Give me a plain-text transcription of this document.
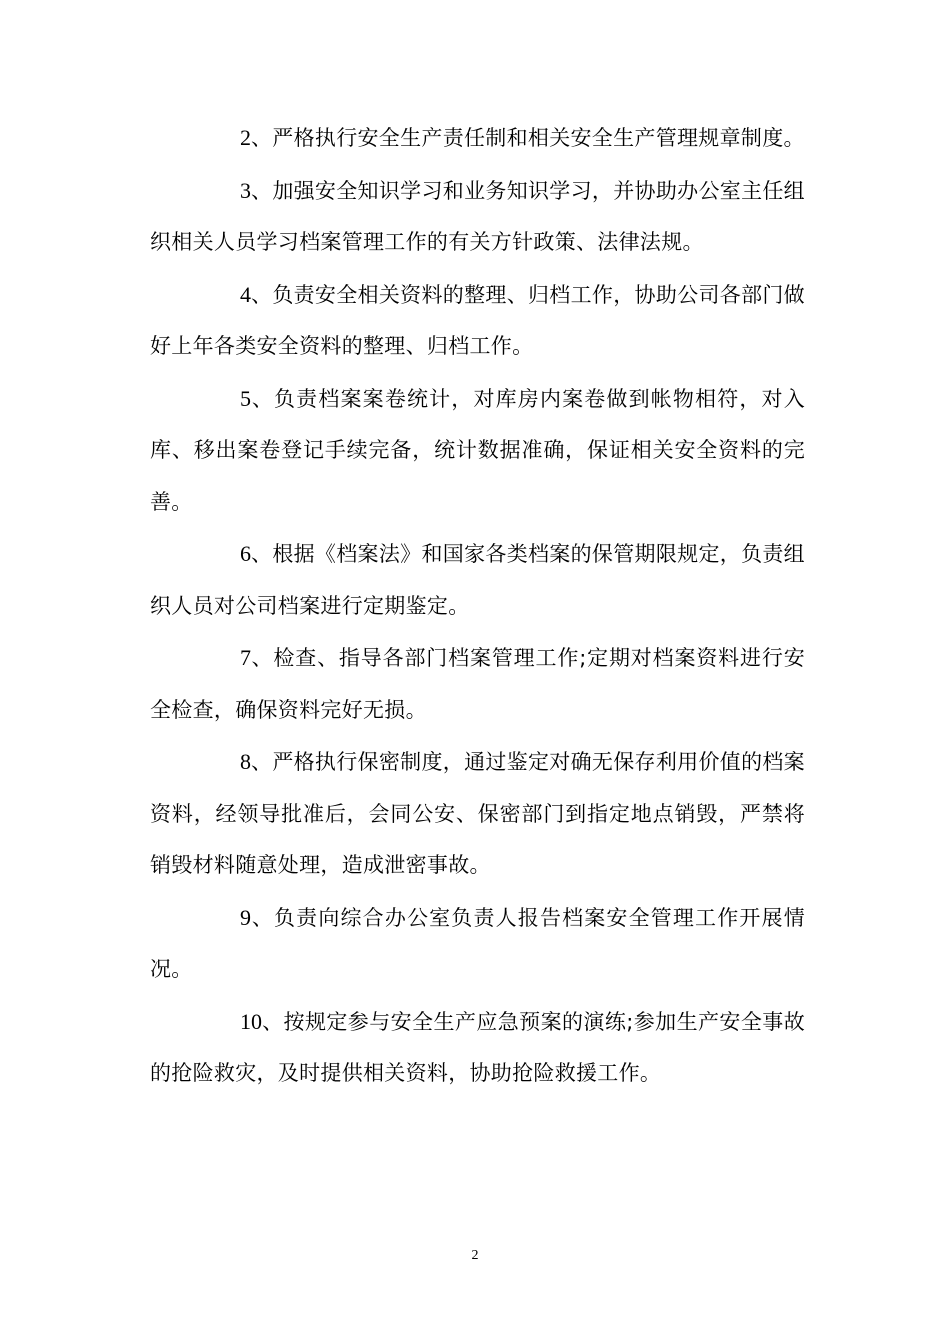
2、严格执行安全生产责任制和相关安全生产管理规章制度。

3、加强安全知识学习和业务知识学习，并协助办公室主任组织相关人员学习档案管理工作的有关方针政策、法律法规。

4、负责安全相关资料的整理、归档工作，协助公司各部门做好上年各类安全资料的整理、归档工作。

5、负责档案案卷统计，对库房内案卷做到帐物相符，对入库、移出案卷登记手续完备，统计数据准确，保证相关安全资料的完善。

6、根据《档案法》和国家各类档案的保管期限规定，负责组织人员对公司档案进行定期鉴定。

7、检查、指导各部门档案管理工作;定期对档案资料进行安全检查，确保资料完好无损。

8、严格执行保密制度，通过鉴定对确无保存利用价值的档案资料，经领导批准后，会同公安、保密部门到指定地点销毁，严禁将销毁材料随意处理，造成泄密事故。

9、负责向综合办公室负责人报告档案安全管理工作开展情况。

10、按规定参与安全生产应急预案的演练;参加生产安全事故的抢险救灾，及时提供相关资料，协助抢险救援工作。

2
